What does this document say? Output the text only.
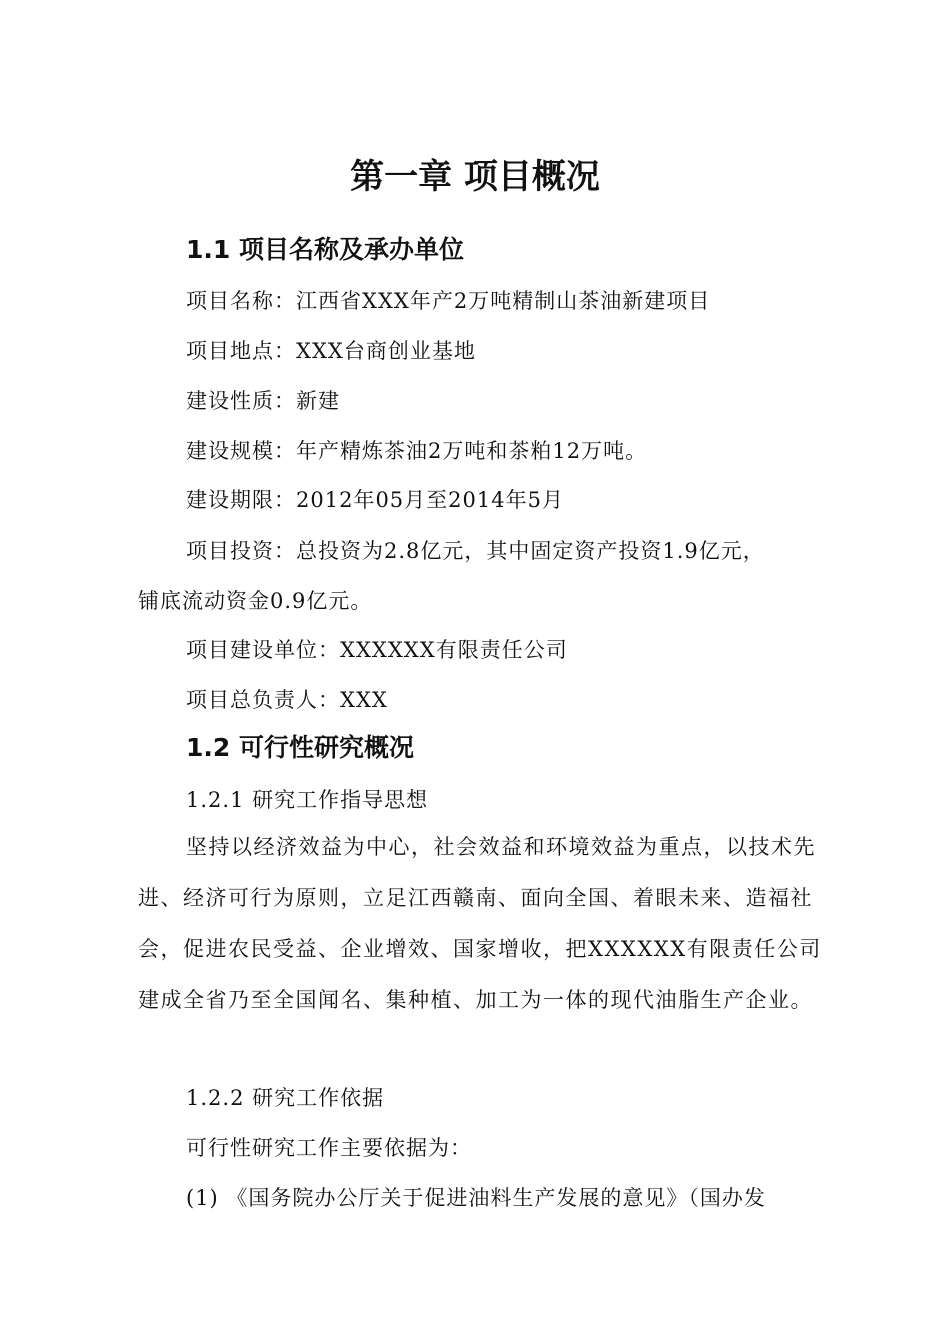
第一章 项目概况
1.1 项目名称及承办单位

项目名称：江西省XXX年产2万吨精制山茶油新建项目

项目地点：XXX台商创业基地

建设性质：新建

建设规模：年产精炼茶油2万吨和茶粕12万吨。

建设期限：2012年05月至2014年5月

项目投资：总投资为2.8亿元，其中固定资产投资1.9亿元，

铺底流动资金0.9亿元。

项目建设单位：XXXXXX有限责任公司

项目总负责人：XXX

1.2 可行性研究概况

1.2.1 研究工作指导思想

坚持以经济效益为中心，社会效益和环境效益为重点，以技术先进、经济可行为原则，立足江西赣南、面向全国、着眼未来、造福社会，促进农民受益、企业增效、国家增收，把XXXXXX有限责任公司建成全省乃至全国闻名、集种植、加工为一体的现代油脂生产企业。

1.2.2 研究工作依据

可行性研究工作主要依据为：

(1) 《国务院办公厅关于促进油料生产发展的意见》（国办发
